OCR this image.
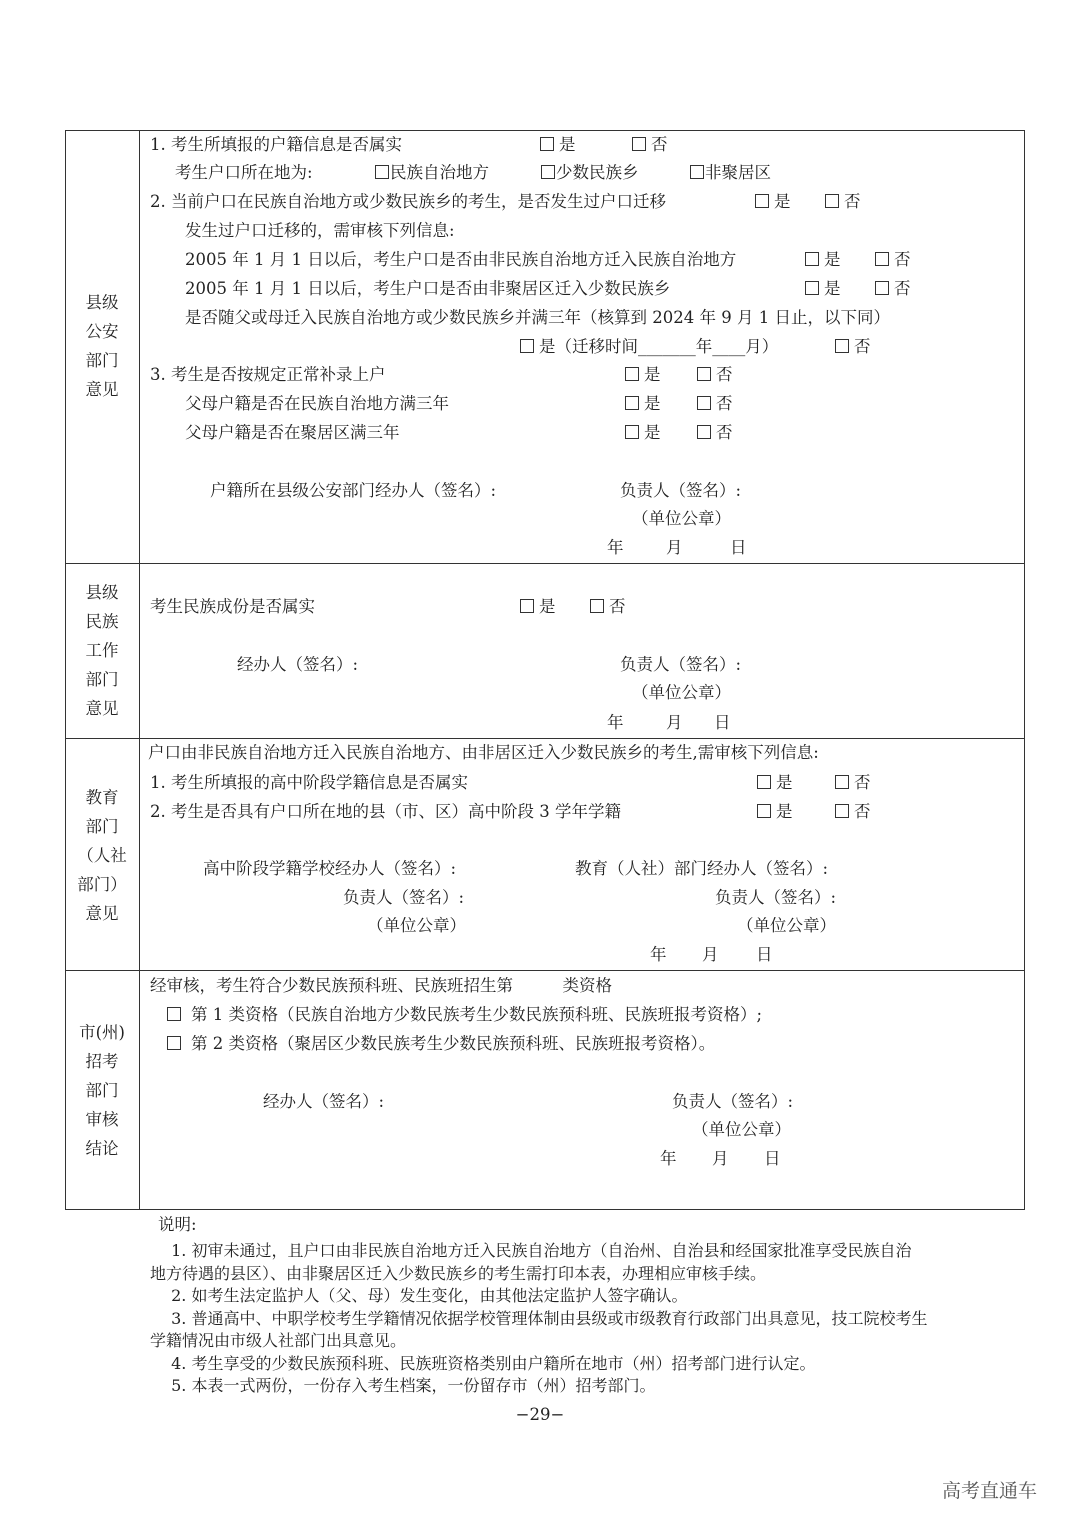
县级
公安
部门
意见
1. 考生所填报的户籍信息是否属实	是	否
考生户口所在地为:	民族自治地方	少数民族乡	非聚居区
2. 当前户口在民族自治地方或少数民族乡的考生，是否发生过户口迁移	是	否
发生过户口迁移的，需审核下列信息:
2005 年 1 月 1 日以后，考生户口是否由非民族自治地方迁入民族自治地方	是	否
2005 年 1 月 1 日以后，考生户口是否由非聚居区迁入少数民族乡	是	否
是否随父或母迁入民族自治地方或少数民族乡并满三年（核算到 2024 年 9 月 1 日止，以下同）
是（迁移时间_______年____月）	否
3. 考生是否按规定正常补录上户	是	否
父母户籍是否在民族自治地方满三年	是	否
父母户籍是否在聚居区满三年	是	否
户籍所在县级公安部门经办人（签名）:	负责人（签名）:
（单位公章）
年	月	日
县级
民族
工作
部门
意见
考生民族成份是否属实	是	否
经办人（签名）:	负责人（签名）:
（单位公章）
年	月 日
教育
部门
（人社
部门）
意见
户口由非民族自治地方迁入民族自治地方、由非居区迁入少数民族乡的考生,需审核下列信息:
1. 考生所填报的高中阶段学籍信息是否属实	是	否
2. 考生是否具有户口所在地的县（市、区）高中阶段 3 学年学籍	是	否
高中阶段学籍学校经办人（签名）:	教育（人社）部门经办人（签名）:
负责人（签名）:	负责人（签名）:
（单位公章）	（单位公章）
年 月 日
市(州)
招考
部门
审核
结论
经审核，考生符合少数民族预科班、民族班招生第　　　类资格
第 1 类资格（民族自治地方少数民族考生少数民族预科班、民族班报考资格）;
第 2 类资格（聚居区少数民族考生少数民族预科班、民族班报考资格）。
经办人（签名）:	负责人（签名）:
（单位公章）
年 月 日
说明:
　 1. 初审未通过，且户口由非民族自治地方迁入民族自治地方（自治州、自治县和经国家批准享受民族自治
地方待遇的县区）、由非聚居区迁入少数民族乡的考生需打印本表，办理相应审核手续。
　 2. 如考生法定监护人（父、母）发生变化，由其他法定监护人签字确认。
　 3. 普通高中、中职学校考生学籍情况依据学校管理体制由县级或市级教育行政部门出具意见，技工院校考生
学籍情况由市级人社部门出具意见。
　 4. 考生享受的少数民族预科班、民族班资格类别由户籍所在地市（州）招考部门进行认定。
　 5. 本表一式两份，一份存入考生档案，一份留存市（州）招考部门。
−29−
高考直通车
